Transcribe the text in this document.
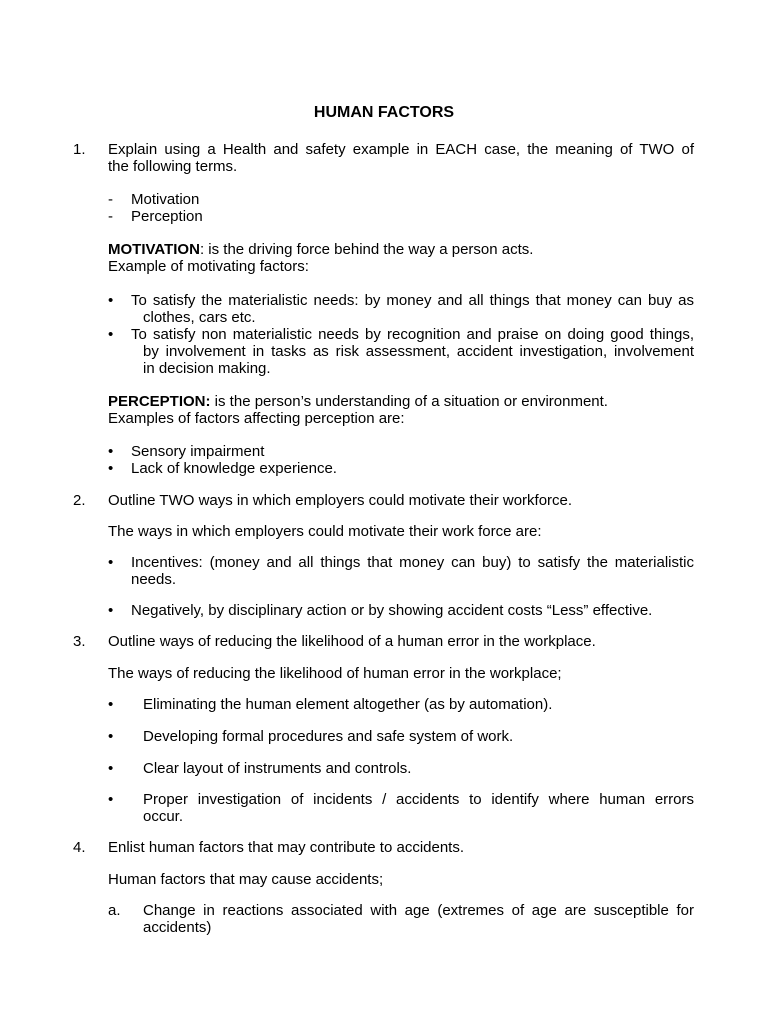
HUMAN FACTORS
1. Explain using a Health and safety example in EACH case, the meaning of TWO of
the following terms.
- Motivation
- Perception
MOTIVATION: is the driving force behind the way a person acts.
Example of motivating factors:
• To satisfy the materialistic needs: by money and all things that money can buy as
clothes, cars etc.
• To satisfy non materialistic needs by recognition and praise on doing good things,
by involvement in tasks as risk assessment, accident investigation, involvement
in decision making.
PERCEPTION: is the person’s understanding of a situation or environment.
Examples of factors affecting perception are:
• Sensory impairment
• Lack of knowledge experience.
2. Outline TWO ways in which employers could motivate their workforce.
The ways in which employers could motivate their work force are:
• Incentives: (money and all things that money can buy) to satisfy the materialistic
needs.
• Negatively, by disciplinary action or by showing accident costs “Less” effective.
3. Outline ways of reducing the likelihood of a human error in the workplace.
The ways of reducing the likelihood of human error in the workplace;
• Eliminating the human element altogether (as by automation).
• Developing formal procedures and safe system of work.
• Clear layout of instruments and controls.
• Proper investigation of incidents / accidents to identify where human errors
occur.
4. Enlist human factors that may contribute to accidents.
Human factors that may cause accidents;
a. Change in reactions associated with age (extremes of age are susceptible for
accidents)
